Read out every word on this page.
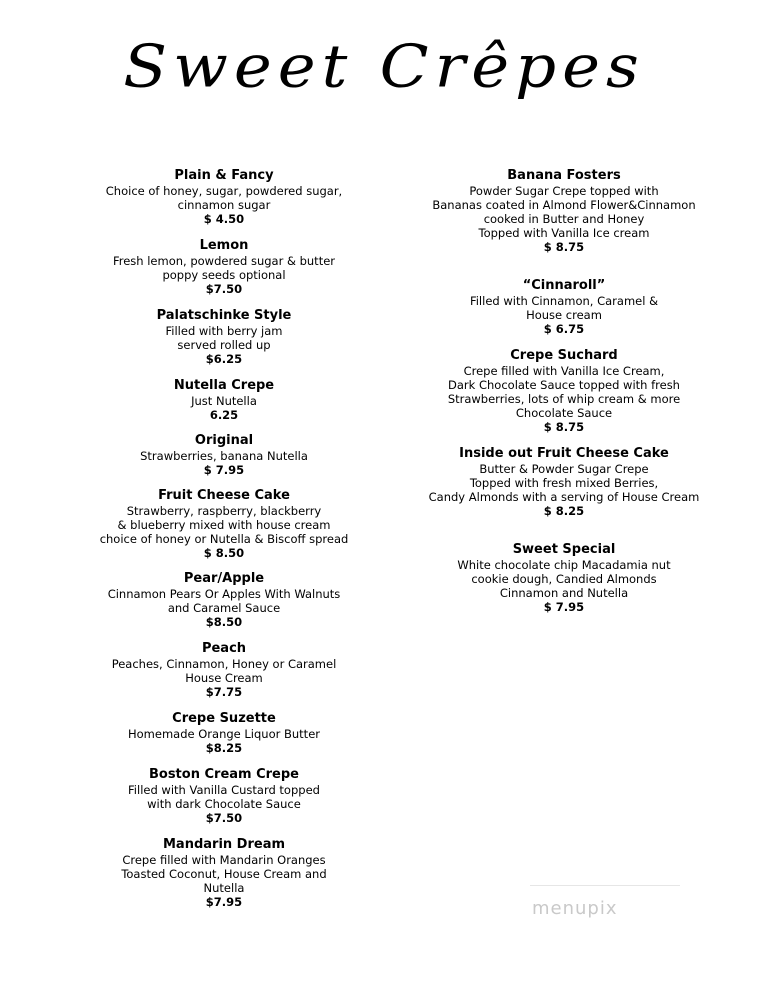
Sweet Crêpes
Plain & Fancy
Choice of honey, sugar, powdered sugar,
cinnamon sugar
$ 4.50
Lemon
Fresh lemon, powdered sugar & butter
poppy seeds optional
$7.50
Palatschinke Style
Filled with berry jam
served rolled up
$6.25
Nutella Crepe
Just Nutella
6.25
Original
Strawberries, banana Nutella
$ 7.95
Fruit Cheese Cake
Strawberry, raspberry, blackberry
& blueberry mixed with house cream
choice of honey or Nutella & Biscoff spread
$ 8.50
Pear/Apple
Cinnamon Pears Or Apples With Walnuts
and Caramel Sauce
$8.50
Peach
Peaches, Cinnamon, Honey or Caramel
House Cream
$7.75
Crepe Suzette
Homemade Orange Liquor Butter
$8.25
Boston Cream Crepe
Filled with Vanilla Custard topped
with dark Chocolate Sauce
$7.50
Mandarin Dream
Crepe filled with Mandarin Oranges
Toasted Coconut, House Cream and
Nutella
$7.95
Banana Fosters
Powder Sugar Crepe topped with
Bananas coated in Almond Flower&Cinnamon
cooked in Butter and Honey
Topped with Vanilla Ice cream
$ 8.75
“Cinnaroll”
Filled with Cinnamon, Caramel &
House cream
$ 6.75
Crepe Suchard
Crepe filled with Vanilla Ice Cream,
Dark Chocolate Sauce topped with fresh
Strawberries, lots of whip cream & more
Chocolate Sauce
$ 8.75
Inside out Fruit Cheese Cake
Butter & Powder Sugar Crepe
Topped with fresh mixed Berries,
Candy Almonds with a serving of House Cream
$ 8.25
Sweet Special
White chocolate chip Macadamia nut
cookie dough, Candied Almonds
Cinnamon and Nutella
$ 7.95
menupix
